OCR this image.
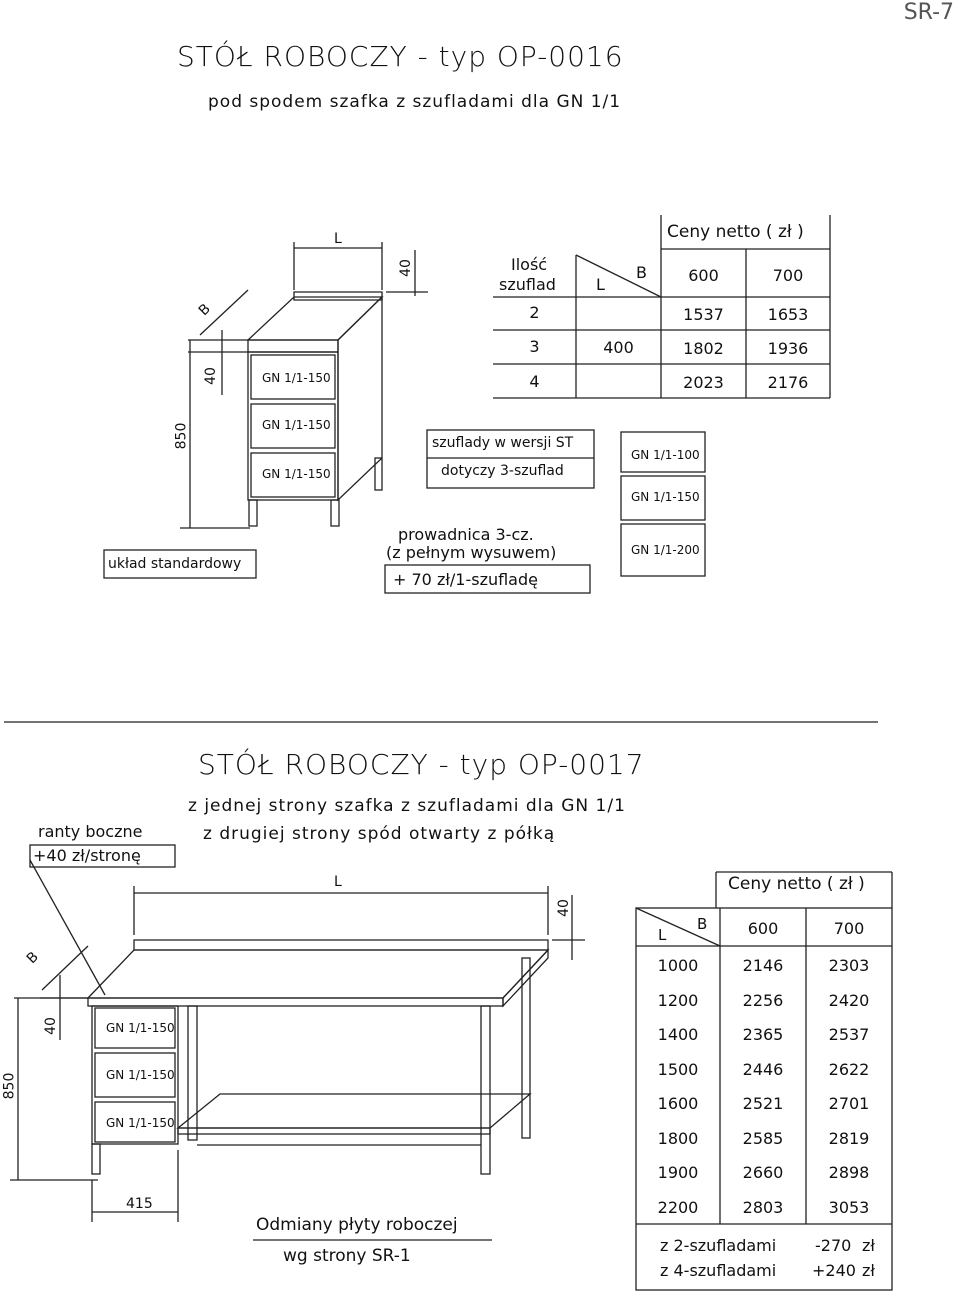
SR-7
STÓŁ ROBOCZY - typ OP-0016
pod spodem szafka z szufladami dla GN 1/1
L
40
B
40
850
GN 1/1-150
GN 1/1-150
GN 1/1-150
układ standardowy
szuflady w wersji ST
dotyczy 3-szuflad
prowadnica 3-cz.
(z pełnym wysuwem)
+ 70 zł/1-szufladę
GN 1/1-100
GN 1/1-150
GN 1/1-200
Ceny netto ( zł )
Ilość
szuflad	L
B	600	700
400
2	1537	1653
3	1802	1936
4	2023	2176
STÓŁ ROBOCZY - typ OP-0017
z jednej strony szafka z szufladami dla GN 1/1
z drugiej strony spód otwarty z półką
ranty boczne
+40 zł/stronę
L
40
B
40
850
415
GN 1/1-150
GN 1/1-150
GN 1/1-150
Odmiany płyty roboczej
wg strony SR-1
Ceny netto ( zł )
L
B	600	700
1000	2146	2303
1200	2256	2420
1400	2365	2537
1500	2446	2622
1600	2521	2701
1800	2585	2819
1900	2660	2898
2200	2803	3053
z 2-szufladami -270 zł
z 4-szufladami +240 zł
